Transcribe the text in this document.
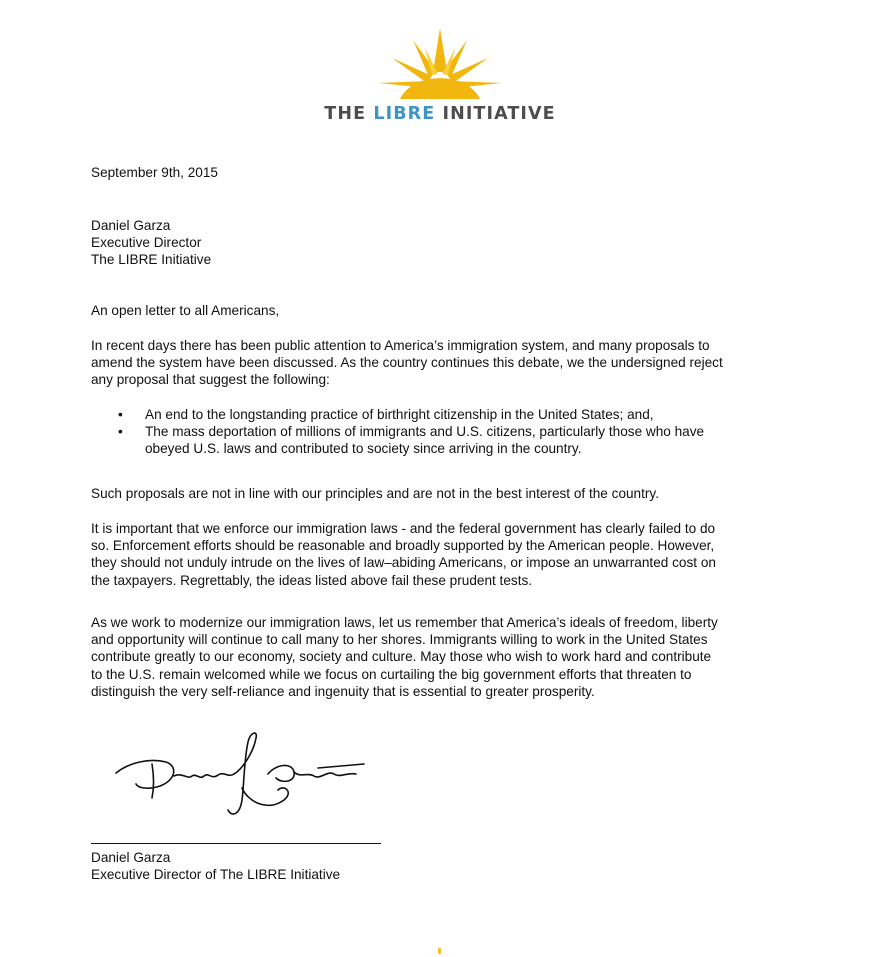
THE LIBRE INITIATIVE
September 9th, 2015

Daniel Garza

Executive Director

The LIBRE Initiative

An open letter to all Americans,

In recent days there has been public attention to America’s immigration system, and many proposals to

amend the system have been discussed. As the country continues this debate, we the undersigned reject

any proposal that suggest the following:

• An end to the longstanding practice of birthright citizenship in the United States; and,
• The mass deportation of millions of immigrants and U.S. citizens, particularly those who have
obeyed U.S. laws and contributed to society since arriving in the country.
Such proposals are not in line with our principles and are not in the best interest of the country.

It is important that we enforce our immigration laws - and the federal government has clearly failed to do

so. Enforcement efforts should be reasonable and broadly supported by the American people. However,

they should not unduly intrude on the lives of law–abiding Americans, or impose an unwarranted cost on

the taxpayers. Regrettably, the ideas listed above fail these prudent tests.

As we work to modernize our immigration laws, let us remember that America’s ideals of freedom, liberty

and opportunity will continue to call many to her shores. Immigrants willing to work in the United States

contribute greatly to our economy, society and culture. May those who wish to work hard and contribute

to the U.S. remain welcomed while we focus on curtailing the big government efforts that threaten to

distinguish the very self-reliance and ingenuity that is essential to greater prosperity.

Daniel Garza
Executive Director of The LIBRE Initiative
